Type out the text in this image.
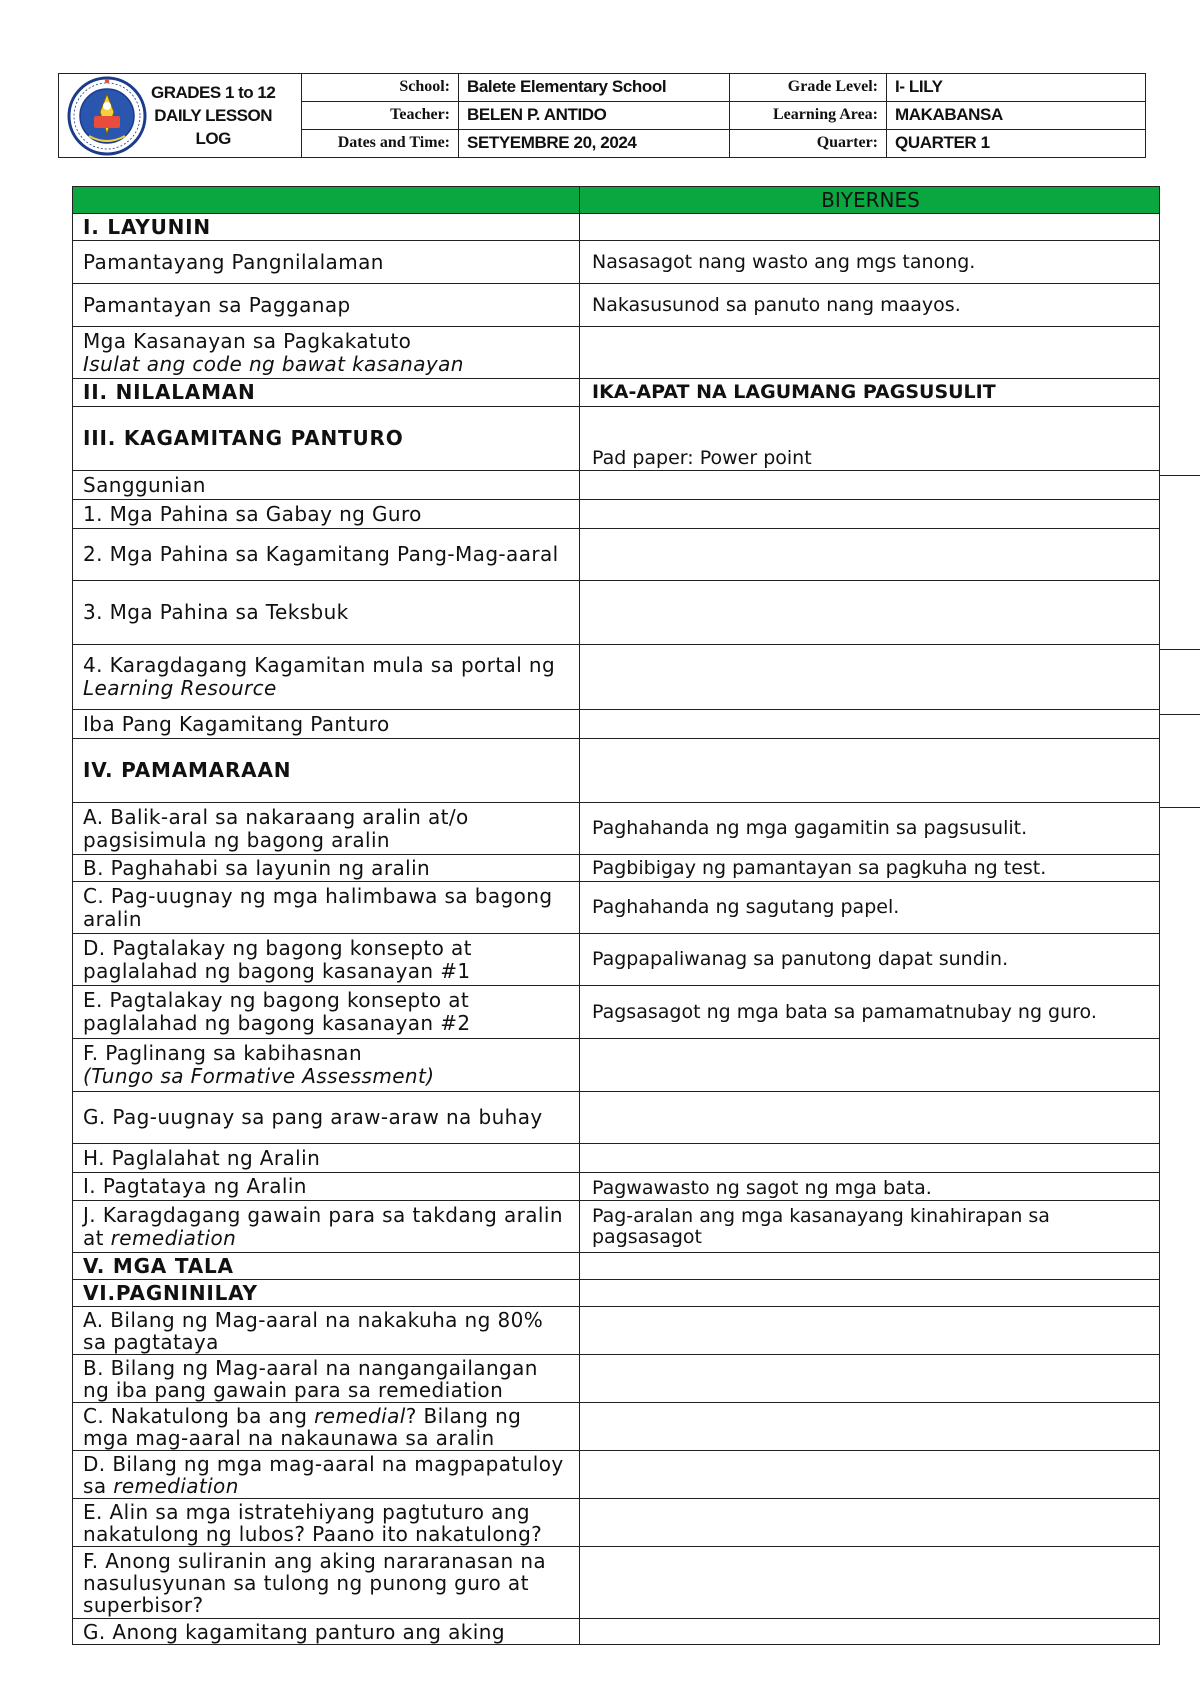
GRADES 1 to 12
DAILY LESSON
LOG	School:	Balete Elementary School	Grade Level:	I- LILY
	Teacher:	BELEN P. ANTIDO	Learning Area:	MAKABANSA
	Dates and Time:	SETYEMBRE 20, 2024	Quarter:	QUARTER 1
	BIYERNES
I. LAYUNIN	
Pamantayang Pangnilalaman	Nasasagot nang wasto ang mgs tanong.
Pamantayan sa Pagganap	Nakasusunod sa panuto nang maayos.

Mga Kasanayan sa Pagkakatuto
Isulat ang code ng bawat kasanayan	

II. NILALAMAN	IKA-APAT NA LAGUMANG PAGSUSULIT
III. KAGAMITANG PANTURO	Pad paper: Power point
Sanggunian	
1. Mga Pahina sa Gabay ng Guro	
2. Mga Pahina sa Kagamitang Pang-Mag-aaral	
3. Mga Pahina sa Teksbuk	
4. Karagdagang Kagamitan mula sa portal ng Learning Resource	
Iba Pang Kagamitang Panturo	
IV. PAMAMARAAN	
A. Balik-aral sa nakaraang aralin at/o pagsisimula ng bagong aralin	Paghahanda ng mga gagamitin sa pagsusulit.
B. Paghahabi sa layunin ng aralin	Pagbibigay ng pamantayan sa pagkuha ng test.
C. Pag-uugnay ng mga halimbawa sa bagong aralin	Paghahanda ng sagutang papel.
D. Pagtalakay ng bagong konsepto at paglalahad ng bagong kasanayan #1	Pagpapaliwanag sa panutong dapat sundin.
E. Pagtalakay ng bagong konsepto at paglalahad ng bagong kasanayan #2	Pagsasagot ng mga bata sa pamamatnubay ng guro.

F. Paglinang sa kabihasnan
(Tungo sa Formative Assessment)	

G. Pag-uugnay sa pang araw-araw na buhay	
H. Paglalahat ng Aralin	
I. Pagtataya ng Aralin	Pagwawasto ng sagot ng mga bata.
J. Karagdagang gawain para sa takdang aralin at remediation	Pag-aralan ang mga kasanayang kinahirapan sa pagsasagot
V. MGA TALA	
VI.PAGNINILAY	
A. Bilang ng Mag-aaral na nakakuha ng 80% sa pagtataya	
B. Bilang ng Mag-aaral na nangangailangan ng iba pang gawain para sa remediation	
C. Nakatulong ba ang remedial? Bilang ng mga mag-aaral na nakaunawa sa aralin	
D. Bilang ng mga mag-aaral na magpapatuloy sa remediation	
E. Alin sa mga istratehiyang pagtuturo ang nakatulong ng lubos? Paano ito nakatulong?	
F. Anong suliranin ang aking nararanasan na nasulusyunan sa tulong ng punong guro at superbisor?	
G. Anong kagamitang panturo ang aking	
